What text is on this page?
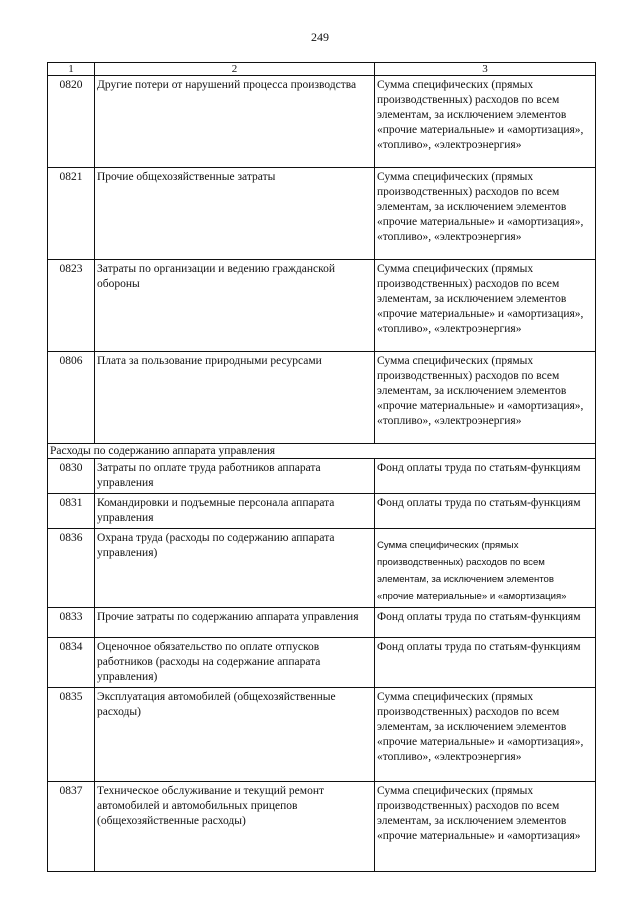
249
1	2	3
0820	Другие потери от нарушений процесса производства	Сумма специфических (прямых производственных) расходов по всем элементам, за исключением элементов «прочие материальные» и «амортизация», «топливо», «электроэнергия»
0821	Прочие общехозяйственные затраты	Сумма специфических (прямых производственных) расходов по всем элементам, за исключением элементов «прочие материальные» и «амортизация», «топливо», «электроэнергия»
0823	Затраты по организации и ведению гражданской обороны	Сумма специфических (прямых производственных) расходов по всем элементам, за исключением элементов «прочие материальные» и «амортизация», «топливо», «электроэнергия»
0806	Плата за пользование природными ресурсами	Сумма специфических (прямых производственных) расходов по всем элементам, за исключением элементов «прочие материальные» и «амортизация», «топливо», «электроэнергия»
Расходы по содержанию аппарата управления		
0830	Затраты по оплате труда работников аппарата управления	Фонд оплаты труда по статьям-функциям
0831	Командировки и подъемные персонала аппарата управления	Фонд оплаты труда по статьям-функциям
0836	Охрана труда (расходы по содержанию аппарата управления)	Сумма специфических (прямых производственных) расходов по всем элементам, за исключением элементов «прочие материальные» и «амортизация»
0833	Прочие затраты по содержанию аппарата управления	Фонд оплаты труда по статьям-функциям
0834	Оценочное обязательство по оплате отпусков работников (расходы на содержание аппарата управления)	Фонд оплаты труда по статьям-функциям
0835	Эксплуатация автомобилей (общехозяйственные расходы)	Сумма специфических (прямых производственных) расходов по всем элементам, за исключением элементов «прочие материальные» и «амортизация», «топливо», «электроэнергия»
0837	Техническое обслуживание и текущий ремонт автомобилей и автомобильных прицепов (общехозяйственные расходы)	Сумма специфических (прямых производственных) расходов по всем элементам, за исключением элементов «прочие материальные» и «амортизация»
